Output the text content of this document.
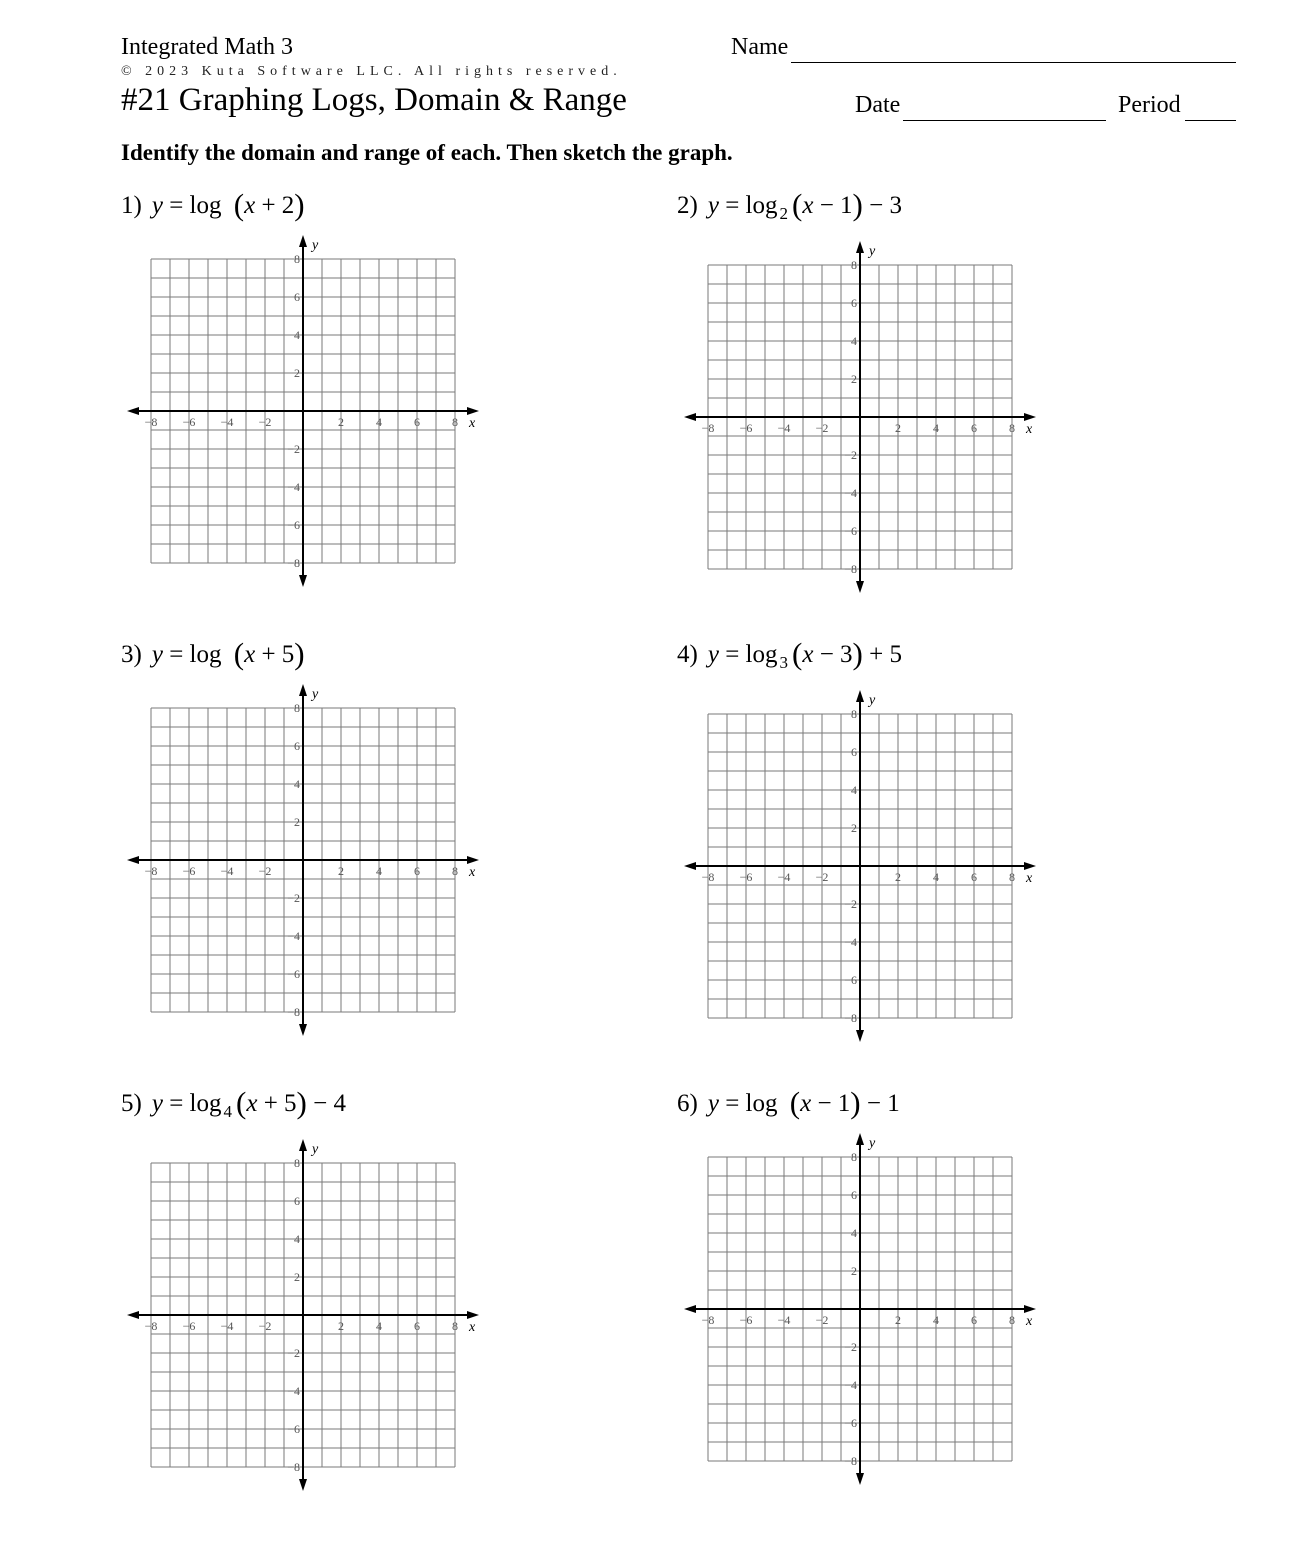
Integrated Math 3
© 2023 Kuta Software LLC. All rights reserved.
#21 Graphing Logs, Domain & Range
Name
Date	Period
Identify the domain and range of each. Then sketch the graph.
1) y = log (x + 2)	2) y = log $_2$ (x − 1) − 3
3) y = log (x + 5)	4) y = log $_3$ (x − 3) + 5
5) y = log $_4$ (x + 5) − 4	6) y = log (x − 1) − 1
−8 −6 −4 −2	2	4	6	8
8
6
4
2
−2
−4
−6
−8
x
y
−8 −6 −4 −2	2	4	6	8
8
6
4
2
−2
−4
−6
−8
x
y
−8 −6 −4 −2	2	4	6	8
8
6
4
2
−2
−4
−6
−8
x
y
−8 −6 −4 −2	2	4	6	8
8
6
4
2
−2
−4
−6
−8
x
y
−8 −6 −4 −2	2	4	6	8
8
6
4
2
−2
−4
−6
−8
x
y
−8 −6 −4 −2	2	4	6	8
8
6
4
2
−2
−4
−6
−8
x
y
